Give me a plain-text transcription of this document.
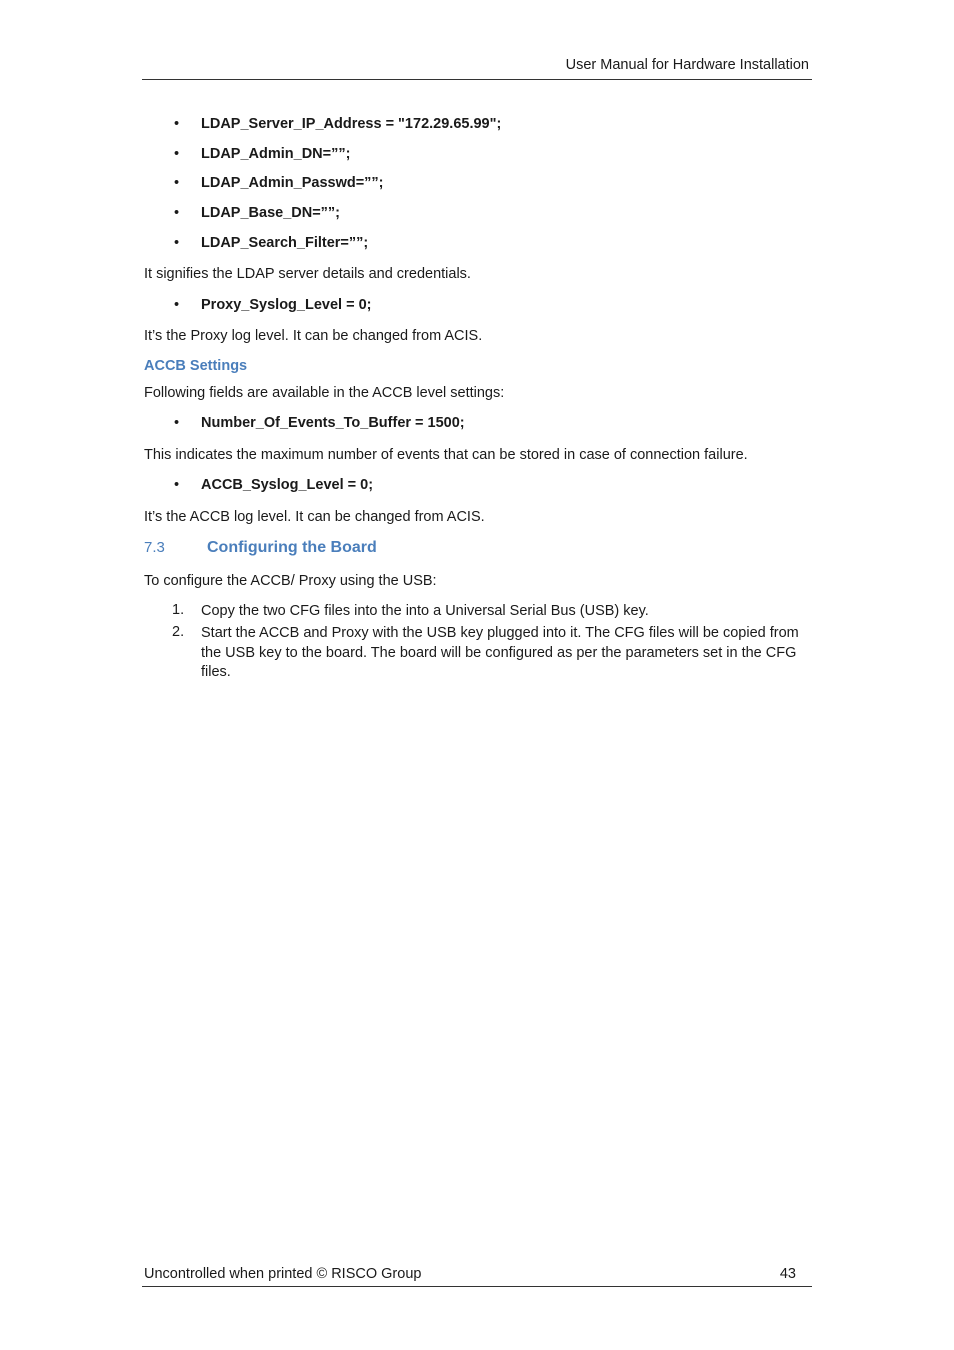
User Manual for Hardware Installation
• LDAP_Server_IP_Address = "172.29.65.99";
• LDAP_Admin_DN=””;
• LDAP_Admin_Passwd=””;
• LDAP_Base_DN=””;
• LDAP_Search_Filter=””;
It signifies the LDAP server details and credentials.
• Proxy_Syslog_Level = 0;
It’s the Proxy log level. It can be changed from ACIS.
ACCB Settings
Following fields are available in the ACCB level settings:
• Number_Of_Events_To_Buffer = 1500;
This indicates the maximum number of events that can be stored in case of connection failure.
• ACCB_Syslog_Level = 0;
It’s the ACCB log level. It can be changed from ACIS.
7.3	Configuring the Board
To configure the ACCB/ Proxy using the USB:
1. Copy the two CFG files into the into a Universal Serial Bus (USB) key.
2. Start the ACCB and Proxy with the USB key plugged into it. The CFG files will be copied from the USB key to the board. The board will be configured as per the parameters set in the CFG files.
Uncontrolled when printed © RISCO Group	43
